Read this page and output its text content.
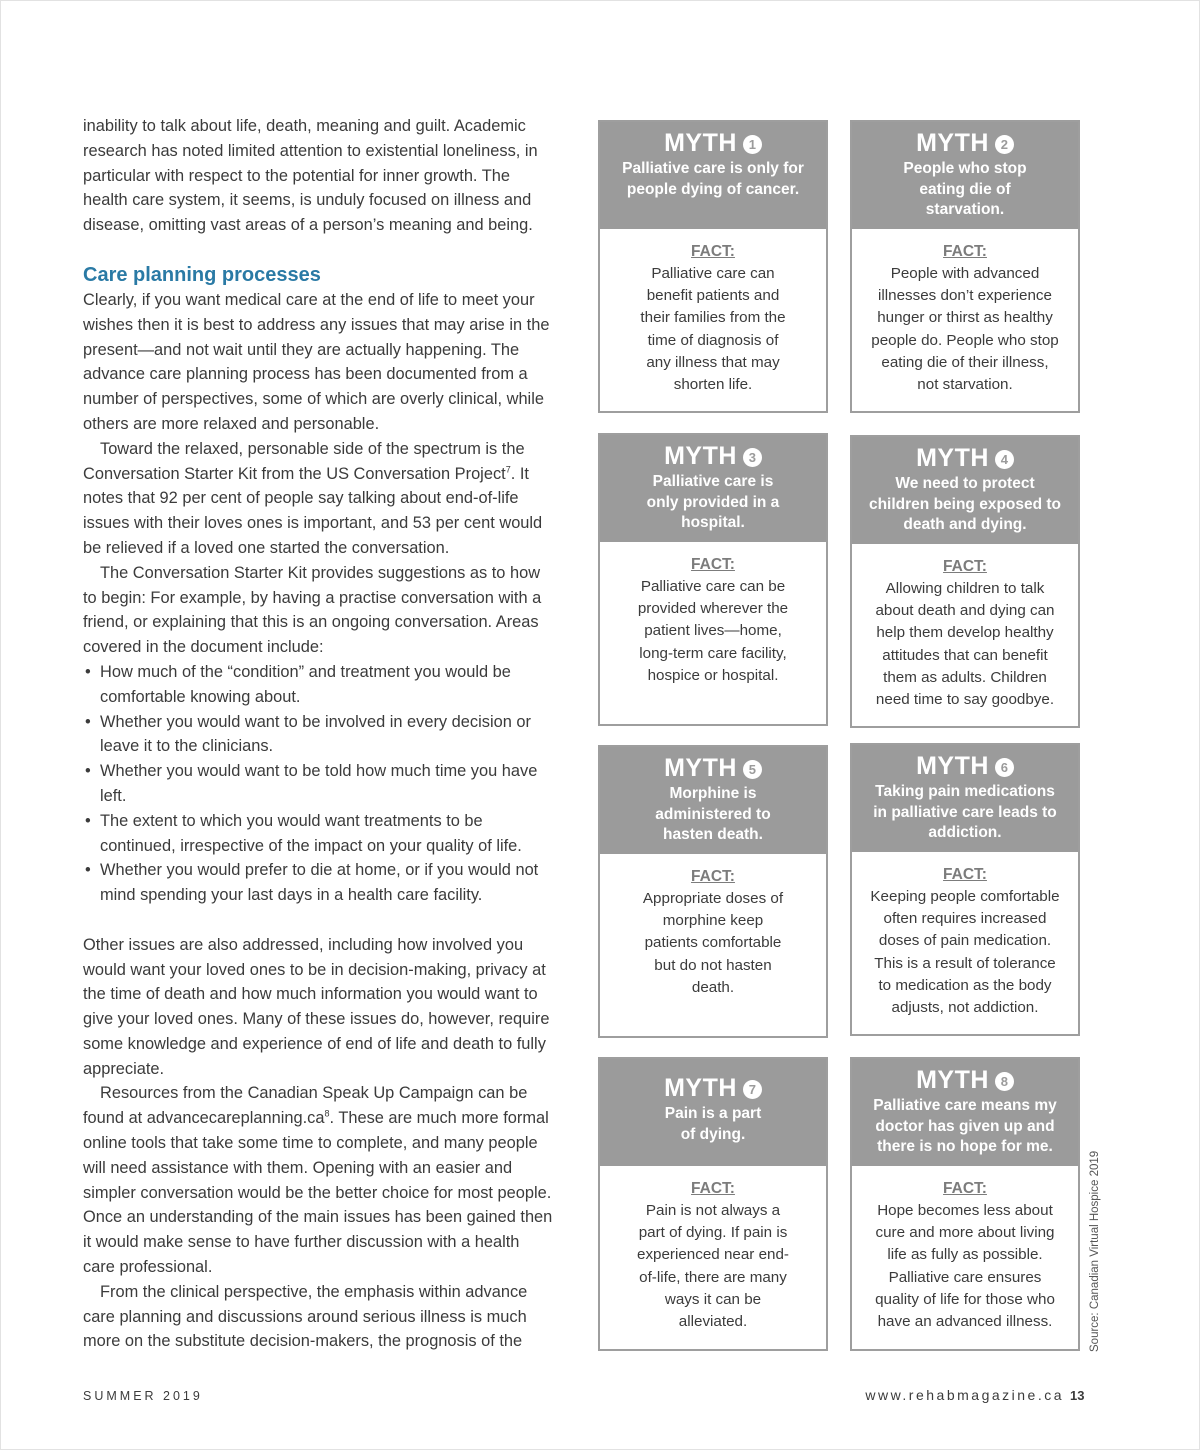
inability to talk about life, death, meaning and guilt. Academic research has noted limited attention to existential loneliness, in particular with respect to the potential for inner growth. The health care system, it seems, is unduly focused on illness and disease, omitting vast areas of a person’s meaning and being.

Care planning processes

Clearly, if you want medical care at the end of life to meet your wishes then it is best to address any issues that may arise in the present—and not wait until they are actually happening. The advance care planning process has been documented from a number of perspectives, some of which are overly clinical, while others are more relaxed and personable.

Toward the relaxed, personable side of the spectrum is the Conversation Starter Kit from the US Conversation Project$^7$. It notes that 92 per cent of people say talking about end-of-life issues with their loves ones is important, and 53 per cent would be relieved if a loved one started the conversation.

The Conversation Starter Kit provides suggestions as to how to begin: For example, by having a practise conversation with a friend, or explaining that this is an ongoing conversation. Areas covered in the document include:

• How much of the “condition” and treatment you would be comfortable knowing about.
• Whether you would want to be involved in every decision or leave it to the clinicians.
• Whether you would want to be told how much time you have left.
• The extent to which you would want treatments to be continued, irrespective of the impact on your quality of life.
• Whether you would prefer to die at home, or if you would not mind spending your last days in a health care facility.

Other issues are also addressed, including how involved you would want your loved ones to be in decision-making, privacy at the time of death and how much information you would want to give your loved ones. Many of these issues do, however, require some knowledge and experience of end of life and death to fully appreciate.

Resources from the Canadian Speak Up Campaign can be found at $advancecareplanning.ca^8$. These are much more formal online tools that take some time to complete, and many people will need assistance with them. Opening with an easier and simpler conversation would be the better choice for most people. Once an understanding of the main issues has been gained then it would make sense to have further discussion with a health care professional.

From the clinical perspective, the emphasis within advance care planning and discussions around serious illness is much more on the substitute decision-makers, the prognosis of the

MYTH 1
Palliative care is only for people dying of cancer.
FACT:
Palliative care can benefit patients and their families from the time of diagnosis of any illness that may shorten life.
MYTH 2
People who stop eating die of starvation.
FACT:
People with advanced illnesses don’t experience hunger or thirst as healthy people do. People who stop eating die of their illness, not starvation.
MYTH 3
Palliative care is only provided in a hospital.
FACT:
Palliative care can be provided wherever the patient lives—home, long-term care facility, hospice or hospital.
MYTH 4
We need to protect children being exposed to death and dying.
FACT:
Allowing children to talk about death and dying can help them develop healthy attitudes that can benefit them as adults. Children need time to say goodbye.
MYTH 5
Morphine is administered to hasten death.
FACT:
Appropriate doses of morphine keep patients comfortable but do not hasten death.
MYTH 6
Taking pain medications in palliative care leads to addiction.
FACT:
Keeping people comfortable often requires increased doses of pain medication. This is a result of tolerance to medication as the body adjusts, not addiction.
MYTH 7
Pain is a part of dying.
FACT:
Pain is not always a part of dying. If pain is experienced near end-of-life, there are many ways it can be alleviated.
MYTH 8
Palliative care means my doctor has given up and there is no hope for me.
FACT:
Hope becomes less about cure and more about living life as fully as possible. Palliative care ensures quality of life for those who have an advanced illness.	Source: Canadian Virtual Hospice 2019
SUMMER 2019	www.rehabmagazine.ca 13
